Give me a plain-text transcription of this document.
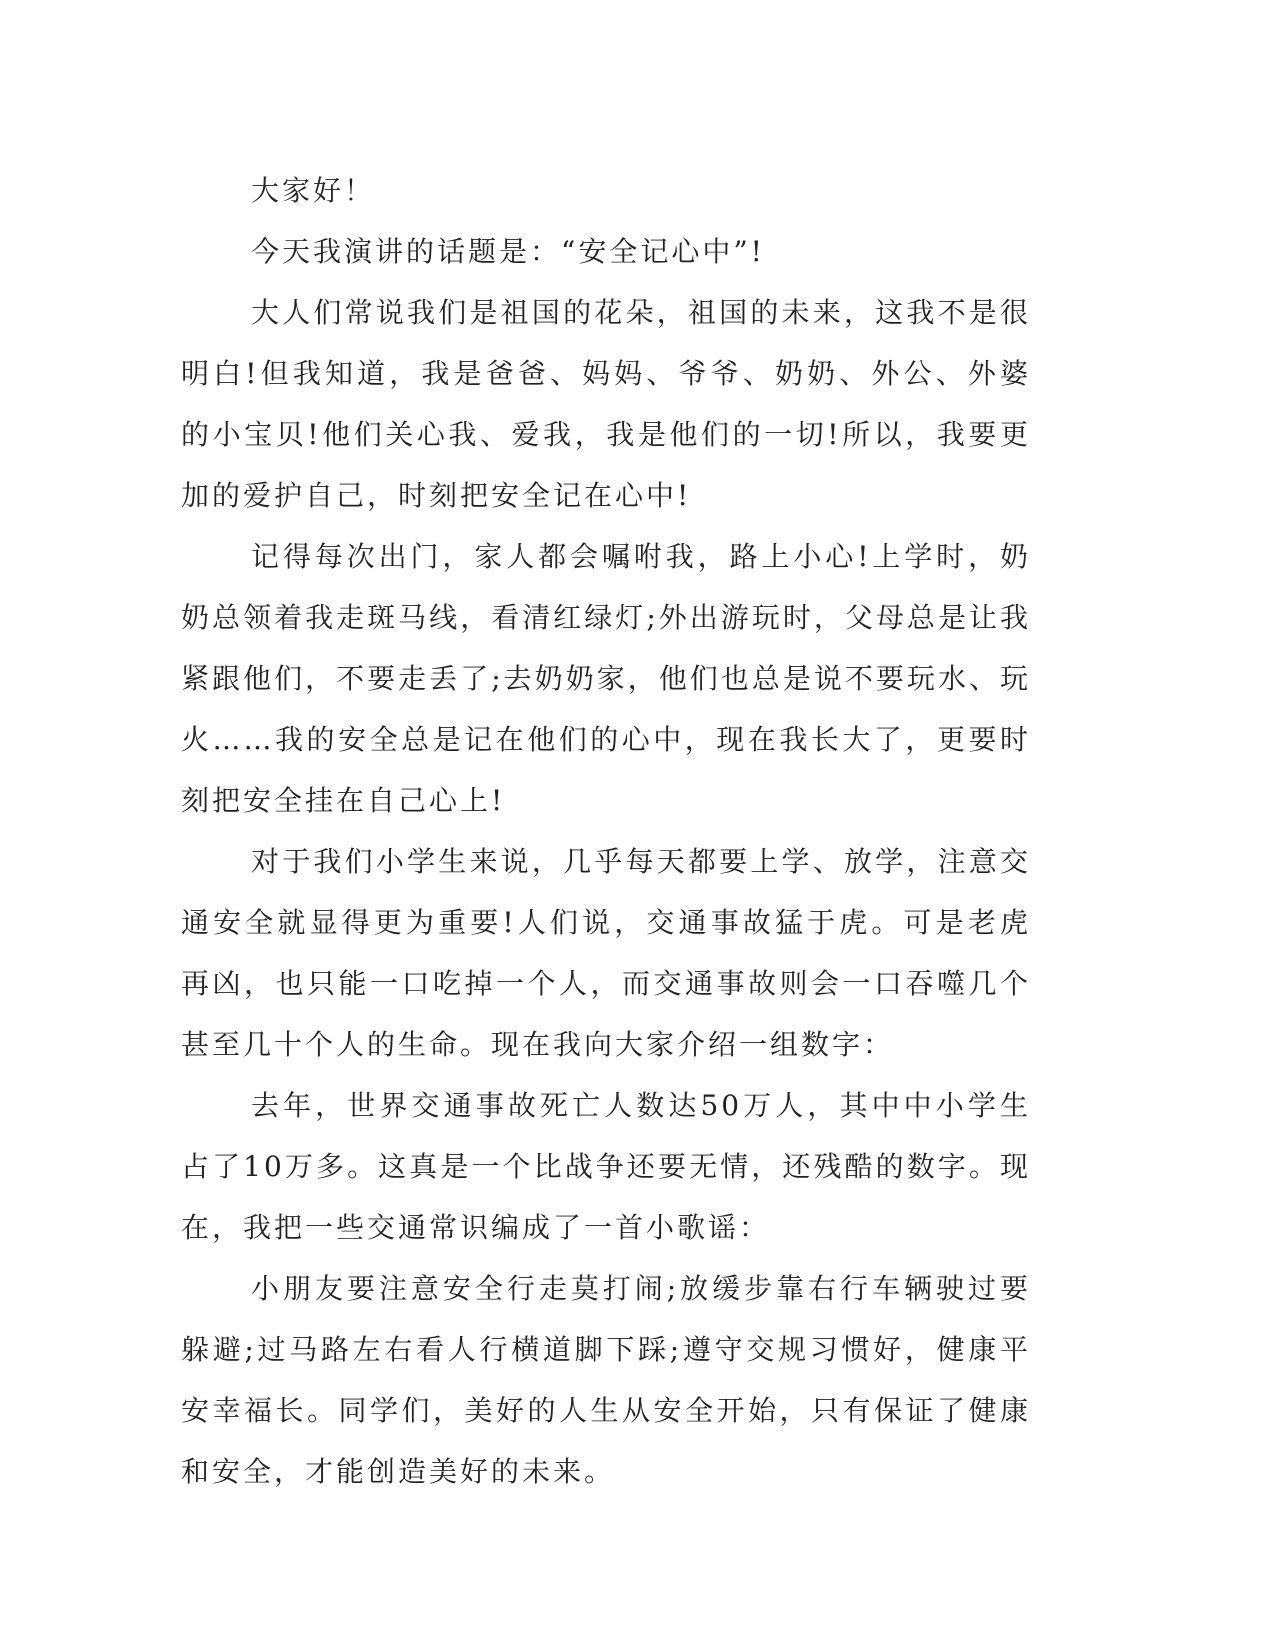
大家好！

今天我演讲的话题是：“安全记心中”!

大人们常说我们是祖国的花朵，祖国的未来，这我不是很明白!但我知道，我是爸爸、妈妈、爷爷、奶奶、外公、外婆的小宝贝!他们关心我、爱我，我是他们的一切!所以，我要更加的爱护自己，时刻把安全记在心中!

记得每次出门，家人都会嘱咐我，路上小心!上学时，奶奶总领着我走斑马线，看清红绿灯;外出游玩时，父母总是让我紧跟他们，不要走丢了;去奶奶家，他们也总是说不要玩水、玩火……我的安全总是记在他们的心中，现在我长大了，更要时刻把安全挂在自己心上!

对于我们小学生来说，几乎每天都要上学、放学，注意交通安全就显得更为重要!人们说，交通事故猛于虎。可是老虎再凶，也只能一口吃掉一个人，而交通事故则会一口吞噬几个甚至几十个人的生命。现在我向大家介绍一组数字：

去年，世界交通事故死亡人数达50万人，其中中小学生占了10万多。这真是一个比战争还要无情，还残酷的数字。现在，我把一些交通常识编成了一首小歌谣：

小朋友要注意安全行走莫打闹;放缓步靠右行车辆驶过要躲避;过马路左右看人行横道脚下踩;遵守交规习惯好，健康平安幸福长。同学们，美好的人生从安全开始，只有保证了健康和安全，才能创造美好的未来。
